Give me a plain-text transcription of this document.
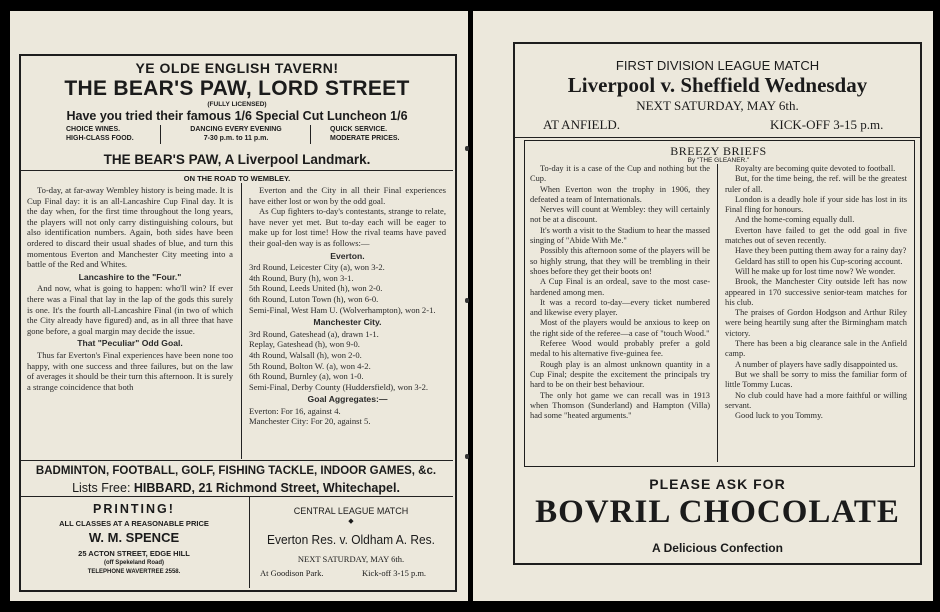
YE OLDE ENGLISH TAVERN!
THE BEAR'S PAW, LORD STREET
(FULLY LICENSED)
Have you tried their famous 1/6 Special Cut Luncheon 1/6
CHOICE WINES.
HIGH-CLASS FOOD.
DANCING EVERY EVENING
7-30 p.m. to 11 p.m.
QUICK SERVICE.
MODERATE PRICES.
THE BEAR'S PAW, A Liverpool Landmark.
ON THE ROAD TO WEMBLEY.

To-day, at far-away Wembley history is being made. It is Cup Final day: it is an all-Lancashire Cup Final day. It is the day when, for the first time throughout the long years, the players will not only carry distinguishing colours, but also identification numbers. Again, both sides have been ordered to discard their usual shades of blue, and turn this momentous Everton and Manchester City meeting into a battle of the Red and Whites.

Lancashire to the "Four."

And now, what is going to happen: who'll win? If ever there was a Final that lay in the lap of the gods this surely is one. It's the fourth all-Lancashire Final (in two of which the City already have figured) and, as in all three that have gone before, a goal margin may decide the issue.

That "Peculiar" Odd Goal.

Thus far Everton's Final experiences have been none too happy, with one success and three failures, but on the law of averages it should be their turn this afternoon. It is surely a strange coincidence that both

Everton and the City in all their Final experiences have either lost or won by the odd goal.

As Cup fighters to-day's contestants, strange to relate, have never yet met. But to-day each will be eager to make up for lost time! How the rival teams have paved their goal-den way is as follows:—

Everton.

3rd Round, Leicester City (a), won 3-2.

4th Round, Bury (h), won 3-1.

5th Round, Leeds United (h), won 2-0.

6th Round, Luton Town (h), won 6-0.

Semi-Final, West Ham U. (Wolverhampton), won 2-1.

Manchester City.

3rd Round, Gateshead (a), drawn 1-1.

Replay, Gateshead (h), won 9-0.

4th Round, Walsall (h), won 2-0.

5th Round, Bolton W. (a), won 4-2.

6th Round, Burnley (a), won 1-0.

Semi-Final, Derby County (Huddersfield), won 3-2.

Goal Aggregates:—

Everton: For 16, against 4.

Manchester City: For 20, against 5.

BADMINTON, FOOTBALL, GOLF, FISHING TACKLE, INDOOR GAMES, &c.
Lists Free: HIBBARD, 21 Richmond Street, Whitechapel.
PRINTING!
ALL CLASSES AT A REASONABLE PRICE
W. M. SPENCE
25 ACTON STREET, EDGE HILL
(off Spekeland Road)
TELEPHONE WAVERTREE 2558.
CENTRAL LEAGUE MATCH
◆
Everton Res. v. Oldham A. Res.
NEXT SATURDAY, MAY 6th.
At Goodison Park.	Kick-off 3-15 p.m.
FIRST DIVISION LEAGUE MATCH
Liverpool v. Sheffield Wednesday
NEXT SATURDAY, MAY 6th.
AT ANFIELD.	KICK-OFF 3-15 p.m.
BREEZY BRIEFS
By "THE GLEANER."

To-day it is a case of the Cup and nothing but the Cup.

When Everton won the trophy in 1906, they defeated a team of Internationals.

Nerves will count at Wembley: they will certainly not be at a discount.

It's worth a visit to the Stadium to hear the massed singing of "Abide With Me."

Possibly this afternoon some of the players will be so highly strung, that they will be trembling in their shoes before they get their boots on!

A Cup Final is an ordeal, save to the most case-hardened among men.

It was a record to-day—every ticket numbered and likewise every player.

Most of the players would be anxious to keep on the right side of the referee—a case of "touch Wood."

Referee Wood would probably prefer a gold medal to his alternative five-guinea fee.

Rough play is an almost unknown quantity in a Cup Final; despite the excitement the principals try hard to be on their best behaviour.

The only hot game we can recall was in 1913 when Thomson (Sunderland) and Hampton (Villa) had some "heated arguments."

Royalty are becoming quite devoted to football.

But, for the time being, the ref. will be the greatest ruler of all.

London is a deadly hole if your side has lost in its Final fling for honours.

And the home-coming equally dull.

Everton have failed to get the odd goal in five matches out of seven recently.

Have they been putting them away for a rainy day?

Geldard has still to open his Cup-scoring account.

Will he make up for lost time now? We wonder.

Brook, the Manchester City outside left has now appeared in 170 successive senior-team matches for his club.

The praises of Gordon Hodgson and Arthur Riley were being heartily sung after the Birmingham match victory.

There has been a big clearance sale in the Anfield camp.

A number of players have sadly disappointed us.

But we shall be sorry to miss the familiar form of little Tommy Lucas.

No club could have had a more faithful or willing servant.

Good luck to you Tommy.

PLEASE ASK FOR
BOVRIL CHOCOLATE
A Delicious Confection
